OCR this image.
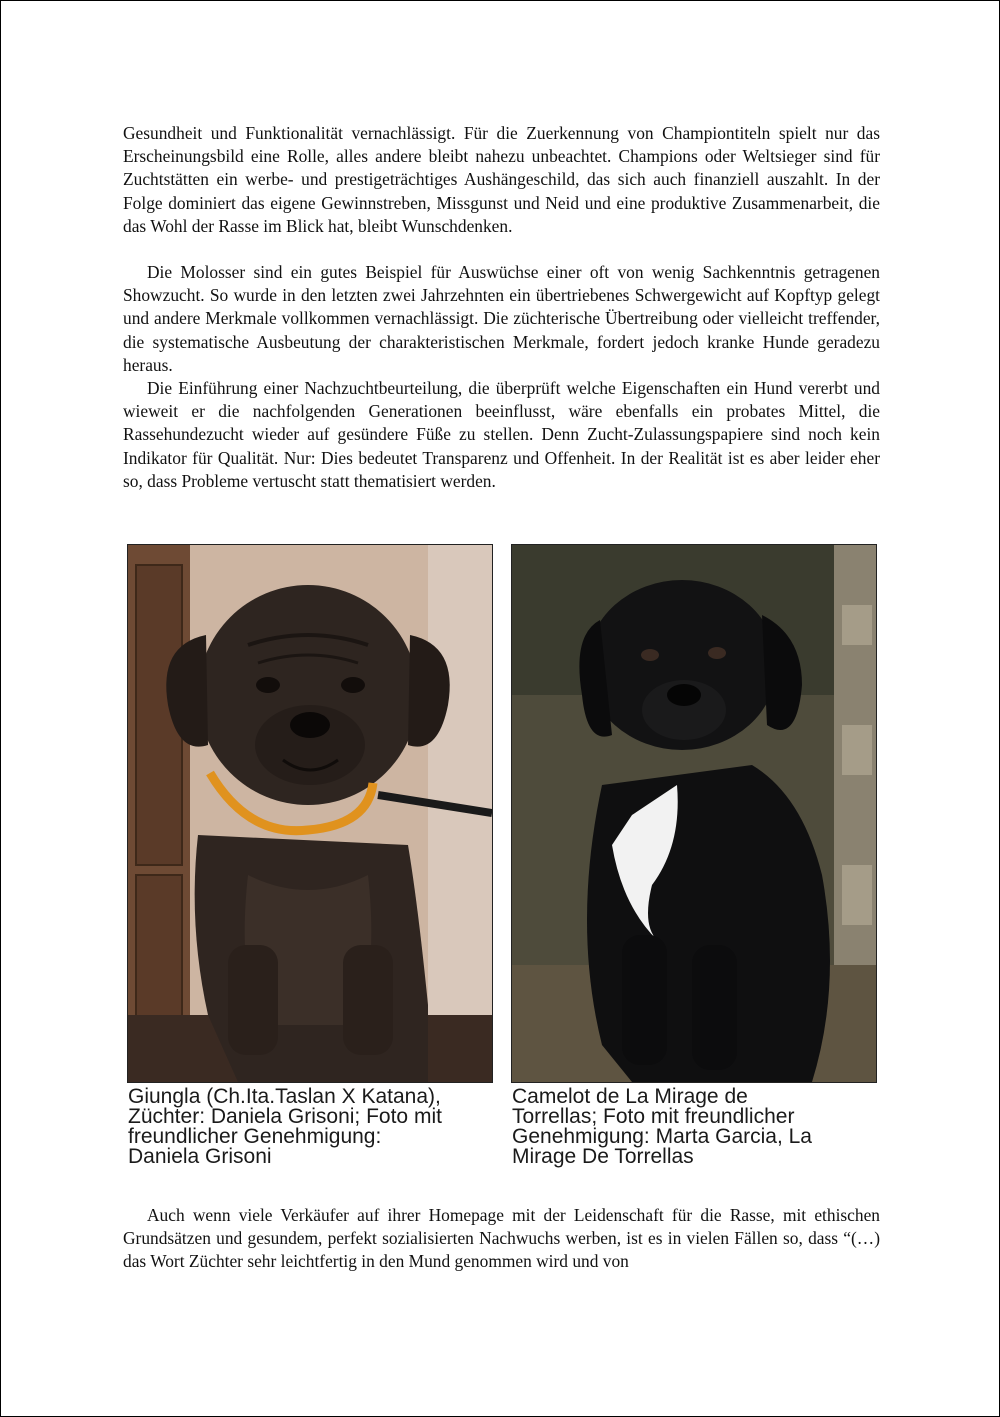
Gesundheit und Funktionalität vernachlässigt. Für die Zuerkennung von Championtiteln spielt nur das Erscheinungsbild eine Rolle, alles andere bleibt nahezu unbeachtet. Champions oder Weltsieger sind für Zuchtstätten ein werbe- und prestigeträchtiges Aushängeschild, das sich auch finanziell auszahlt. In der Folge dominiert das eigene Gewinnstreben, Missgunst und Neid und eine produktive Zusammenarbeit, die das Wohl der Rasse im Blick hat, bleibt Wunschdenken.

Die Molosser sind ein gutes Beispiel für Auswüchse einer oft von wenig Sachkenntnis getragenen Showzucht. So wurde in den letzten zwei Jahrzehnten ein übertriebenes Schwergewicht auf Kopftyp gelegt und andere Merkmale vollkommen vernachlässigt. Die züchterische Übertreibung oder vielleicht treffender, die systematische Ausbeutung der charakteristischen Merkmale, fordert jedoch kranke Hunde geradezu heraus.

Die Einführung einer Nachzuchtbeurteilung, die überprüft welche Eigenschaften ein Hund vererbt und wieweit er die nachfolgenden Generationen beeinflusst, wäre ebenfalls ein probates Mittel, die Rassehundezucht wieder auf gesündere Füße zu stellen. Denn Zucht-Zulassungspapiere sind noch kein Indikator für Qualität. Nur: Dies bedeutet Transparenz und Offenheit. In der Realität ist es aber leider eher so, dass Probleme vertuscht statt thematisiert werden.

Giungla (Ch.Ita.Taslan X Katana),
Züchter: Daniela Grisoni; Foto mit
freundlicher Genehmigung:
Daniela Grisoni

Camelot de La Mirage de
Torrellas; Foto mit freundlicher
Genehmigung: Marta Garcia, La
Mirage De Torrellas

Auch wenn viele Verkäufer auf ihrer Homepage mit der Leidenschaft für die Rasse, mit ethischen Grundsätzen und gesundem, perfekt sozialisierten Nachwuchs werben, ist es in vielen Fällen so, dass “(…) das Wort Züchter sehr leichtfertig in den Mund genommen wird und von
